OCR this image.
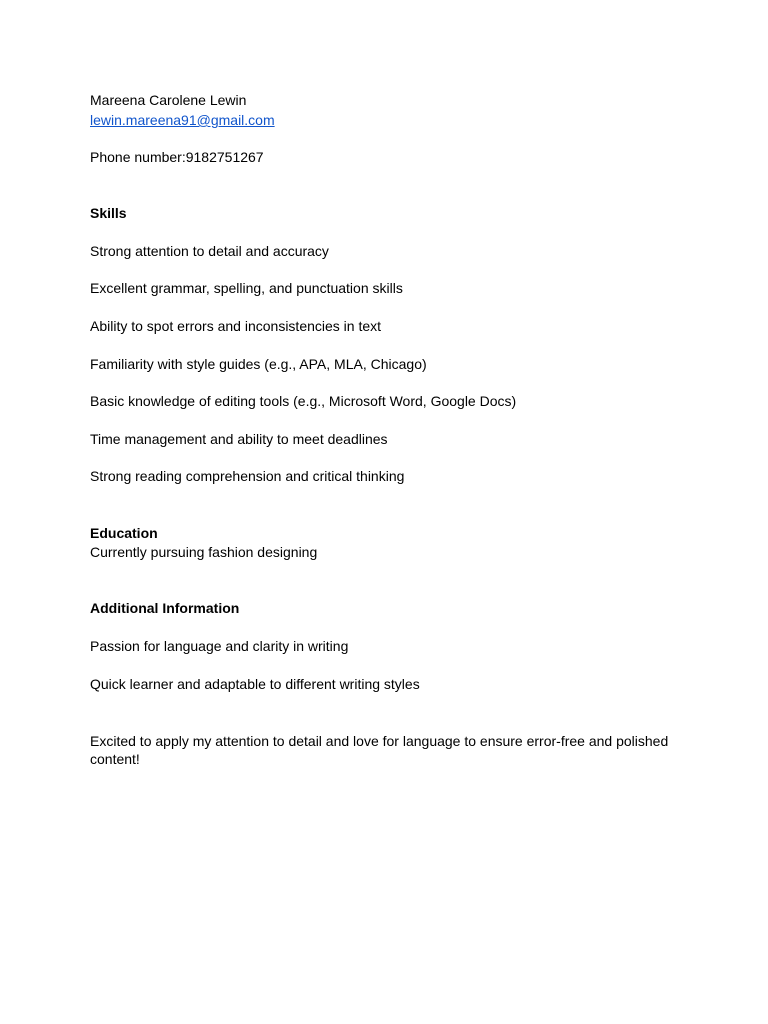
Mareena Carolene Lewin
lewin.mareena91@gmail.com
Phone number:9182751267
Skills
Strong attention to detail and accuracy
Excellent grammar, spelling, and punctuation skills
Ability to spot errors and inconsistencies in text
Familiarity with style guides (e.g., APA, MLA, Chicago)
Basic knowledge of editing tools (e.g., Microsoft Word, Google Docs)
Time management and ability to meet deadlines
Strong reading comprehension and critical thinking
Education
Currently pursuing fashion designing
Additional Information
Passion for language and clarity in writing
Quick learner and adaptable to different writing styles
Excited to apply my attention to detail and love for language to ensure error-free and polished content!
